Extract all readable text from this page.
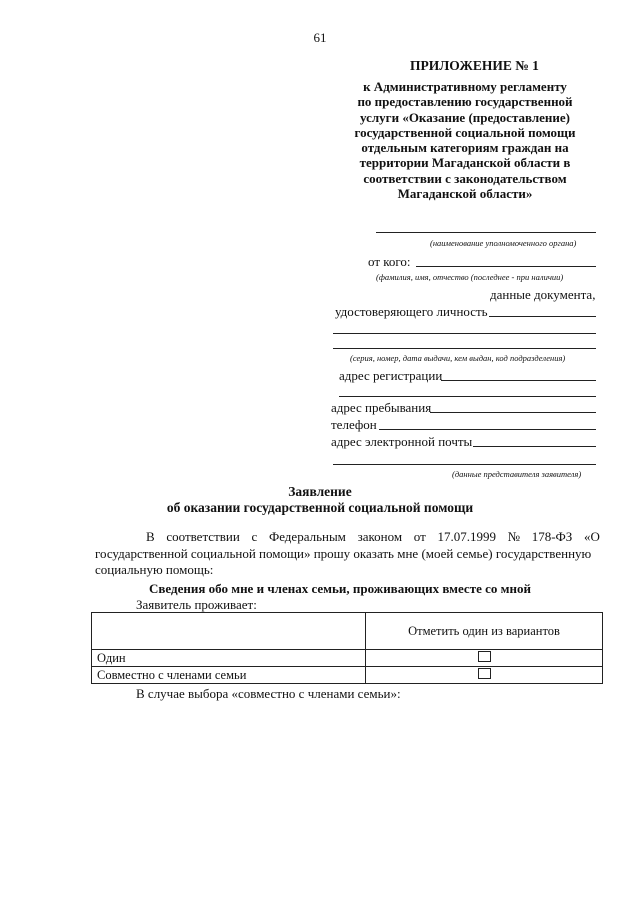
61
ПРИЛОЖЕНИЕ № 1
к Административному регламенту
по предоставлению государственной
услуги «Оказание (предоставление)
государственной социальной помощи
отдельным категориям граждан на
территории Магаданской области в
соответствии с законодательством
Магаданской области»
(наименование уполномоченного органа)
от кого:
(фамилия, имя, отчество (последнее - при наличии)
данные документа,
удостоверяющего личность
(серия, номер, дата выдачи, кем выдан, код подразделения)
адрес регистрации
адрес пребывания
телефон
адрес электронной почты
(данные представителя заявителя)
Заявление
об оказании государственной социальной помощи
В соответствии с Федеральным законом от 17.07.1999 № 178-ФЗ «О
государственной социальной помощи» прошу оказать мне (моей семье) государственную
социальную помощь:
Сведения обо мне и членах семьи, проживающих вместе со мной
Заявитель проживает:
	Отметить один из вариантов
Один	
Совместно с членами семьи	
В случае выбора «совместно с членами семьи»:
